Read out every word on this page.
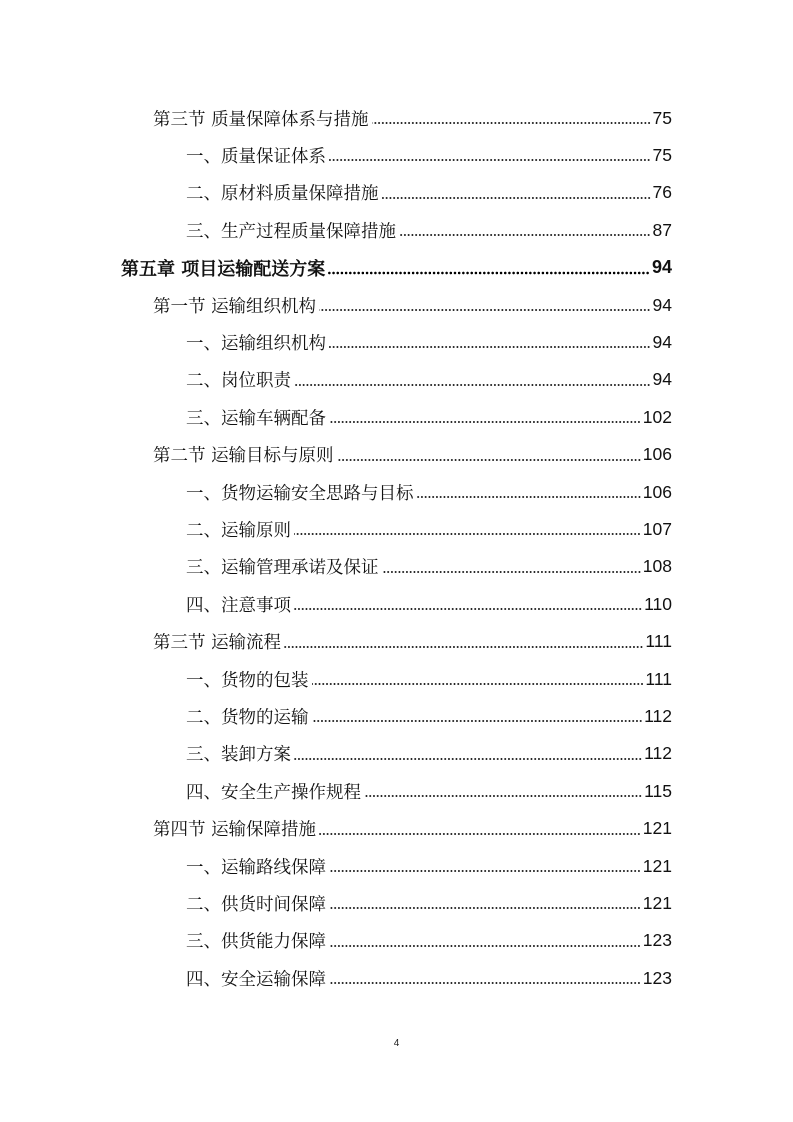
第三节 质量保障体系与措施	75
一、质量保证体系	75
二、原材料质量保障措施	76
三、生产过程质量保障措施	87
第五章 项目运输配送方案	94
第一节 运输组织机构	94
一、运输组织机构	94
二、岗位职责	94
三、运输车辆配备	102
第二节 运输目标与原则	106
一、货物运输安全思路与目标	106
二、运输原则	107
三、运输管理承诺及保证	108
四、注意事项	110
第三节 运输流程	111
一、货物的包装	111
二、货物的运输	112
三、装卸方案	112
四、安全生产操作规程	115
第四节 运输保障措施	121
一、运输路线保障	121
二、供货时间保障	121
三、供货能力保障	123
四、安全运输保障	123
4
